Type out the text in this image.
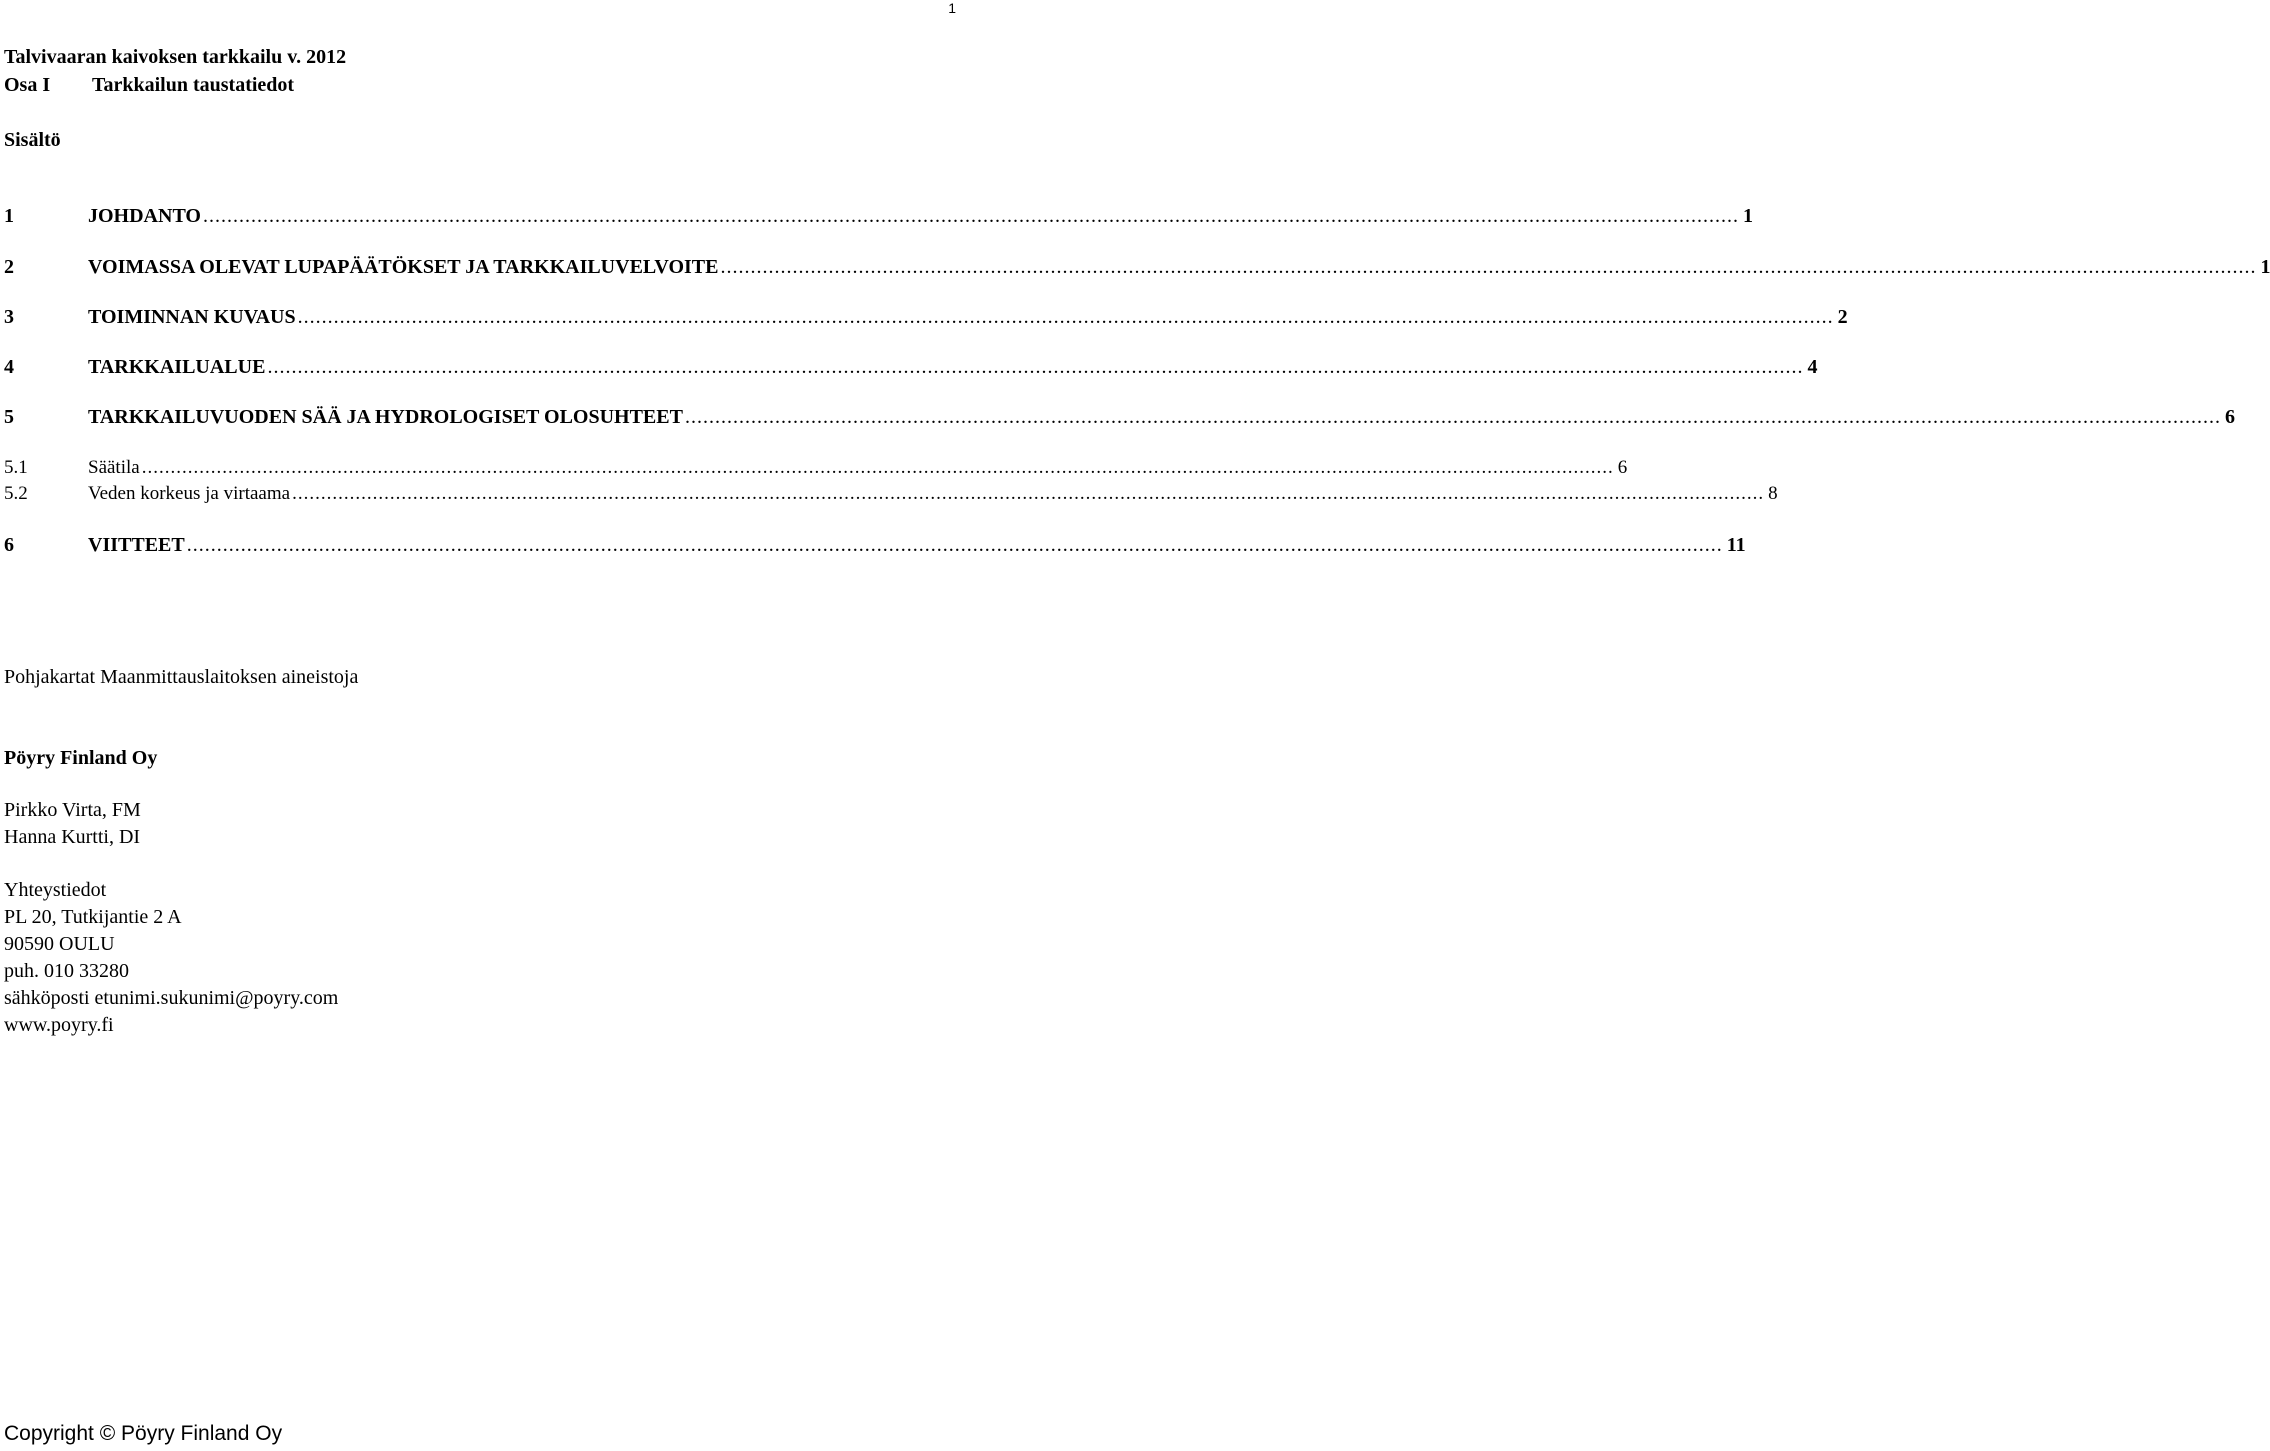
1
Talvivaaran kaivoksen tarkkailu v. 2012
Osa I Tarkkailun taustatiedot
Sisältö
1	JOHDANTO .....	1
2	VOIMASSA OLEVAT LUPAPÄÄTÖKSET JA TARKKAILUVELVOITE .....	1
3	TOIMINNAN KUVAUS .....	2
4	TARKKAILUALUE .....	4
5	TARKKAILUVUODEN SÄÄ JA HYDROLOGISET OLOSUHTEET .....	6
5.1	Säätila .....	6
5.2	Veden korkeus ja virtaama .....	8
6	VIITTEET .....	11
Pohjakartat Maanmittauslaitoksen aineistoja
Pöyry Finland Oy
Pirkko Virta, FM
Hanna Kurtti, DI
Yhteystiedot
PL 20, Tutkijantie 2 A
90590 OULU
puh. 010 33280
sähköposti etunimi.sukunimi@poyry.com
www.poyry.fi
Copyright © Pöyry Finland Oy
